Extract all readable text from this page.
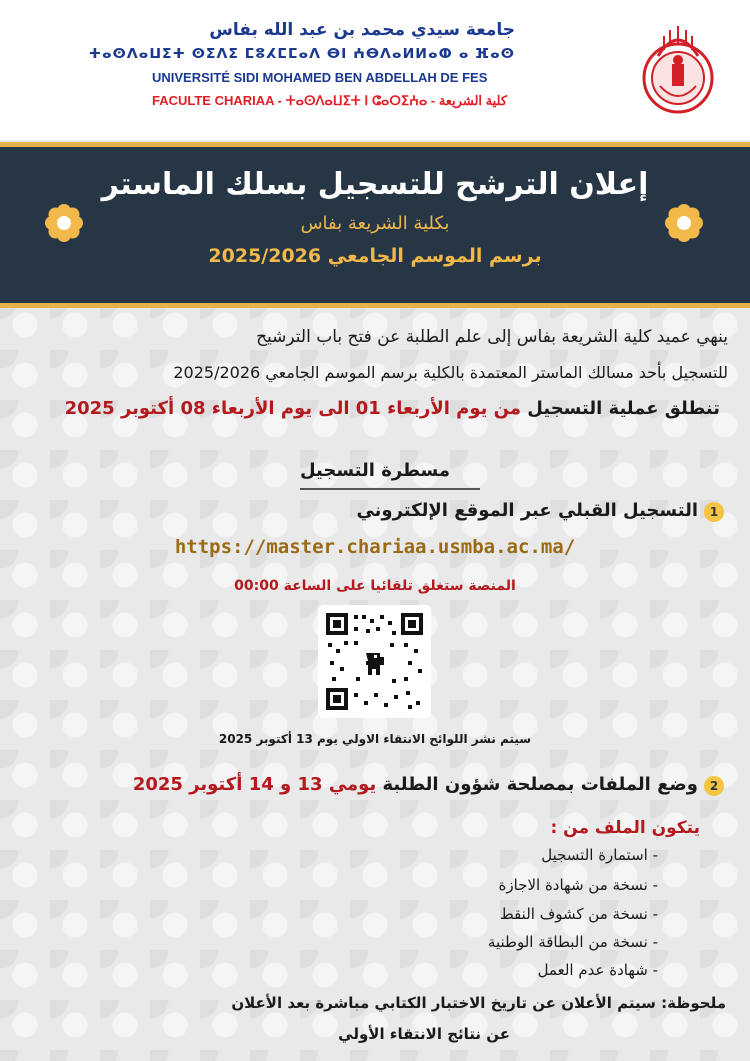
جامعة سيدي محمد بن عبد الله بفاس
ⵜⴰⵙⴷⴰⵡⵉⵜ ⵙⵉⴷⵉ ⵎⵓⵃⵎⵎⴰⴷ ⴱⵏ ⵄⴱⴷⴰⵍⵍⴰⵀ ⴰ ⴼⴰⵙ
UNIVERSITÉ SIDI MOHAMED BEN ABDELLAH DE FES
FACULTE CHARIAA - ⵜⴰⵙⴷⴰⵡⵉⵜ ⵏ ⵛⴰⵔⵉⵄⴰ - كلية الشريعة
إعلان الترشح للتسجيل بسلك الماستر
بكلية الشريعة بفاس
برسم الموسم الجامعي 2025/2026
ينهي عميد كلية الشريعة بفاس إلى علم الطلبة عن فتح باب الترشيح
للتسجيل بأحد مسالك الماستر المعتمدة بالكلية برسم الموسم الجامعي 2025/2026
تنطلق عملية التسجيل من يوم الأربعاء 01 الى يوم الأربعاء 08 أكتوبر 2025
مسطرة التسجيل
1التسجيل القبلي عبر الموقع الإلكتروني
https://master.chariaa.usmba.ac.ma/
المنصة ستغلق تلقائيا على الساعة 00:00
سيتم نشر اللوائح الانتقاء الاولي يوم 13 أكتوبر 2025
2وضع الملفات بمصلحة شؤون الطلبة يومي 13 و 14 أكتوبر 2025
يتكون الملف من :
- استمارة التسجيل
- نسخة من شهادة الاجازة
- نسخة من كشوف النقط
- نسخة من البطاقة الوطنية
- شهادة عدم العمل
ملحوظة: سيتم الأعلان عن تاريخ الاختبار الكتابي مباشرة بعد الأعلان
عن نتائج الانتقاء الأولي
